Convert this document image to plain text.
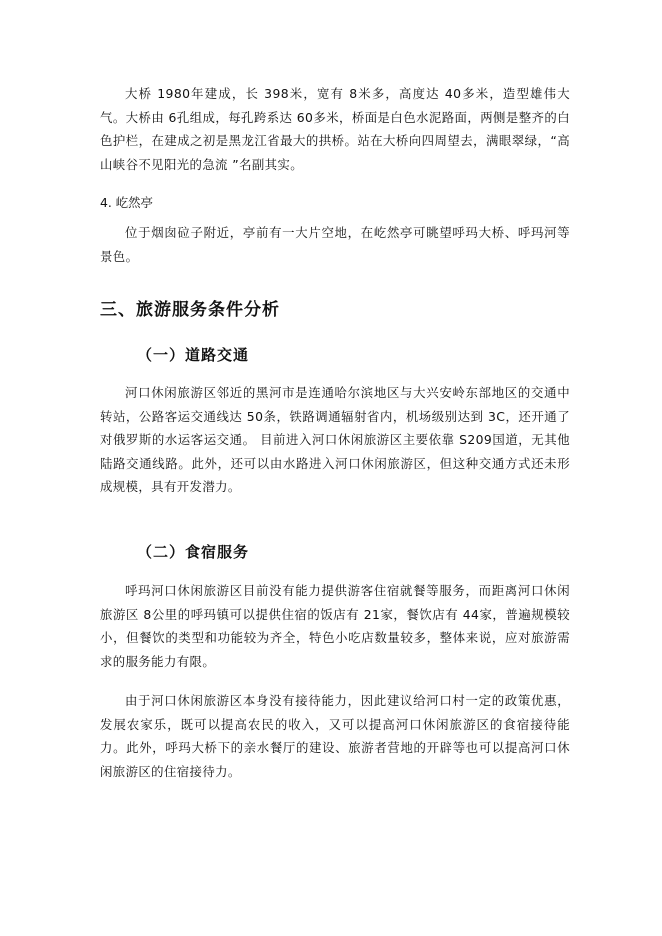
大桥 1980年建成，长 398米，宽有 8米多，高度达 40多米，造型雄伟大气。大桥由 6孔组成，每孔跨系达 60多米，桥面是白色水泥路面，两侧是整齐的白色护栏，在建成之初是黑龙江省最大的拱桥。站在大桥向四周望去，满眼翠绿，“高山峡谷不见阳光的急流 ”名副其实。

4. 屹然亭

位于烟囱砬子附近，亭前有一大片空地，在屹然亭可眺望呼玛大桥、呼玛河等景色。

三、旅游服务条件分析
（一）道路交通

河口休闲旅游区邻近的黑河市是连通哈尔滨地区与大兴安岭东部地区的交通中转站，公路客运交通线达 50条，铁路调通辐射省内，机场级别达到 3C，还开通了对俄罗斯的水运客运交通。 目前进入河口休闲旅游区主要依靠 S209国道，无其他陆路交通线路。此外，还可以由水路进入河口休闲旅游区，但这种交通方式还未形成规模，具有开发潜力。

（二）食宿服务

呼玛河口休闲旅游区目前没有能力提供游客住宿就餐等服务，而距离河口休闲旅游区 8公里的呼玛镇可以提供住宿的饭店有 21家，餐饮店有 44家，普遍规模较小，但餐饮的类型和功能较为齐全，特色小吃店数量较多，整体来说，应对旅游需求的服务能力有限。

由于河口休闲旅游区本身没有接待能力，因此建议给河口村一定的政策优惠，发展农家乐，既可以提高农民的收入，又可以提高河口休闲旅游区的食宿接待能力。此外，呼玛大桥下的亲水餐厅的建设、旅游者营地的开辟等也可以提高河口休闲旅游区的住宿接待力。
